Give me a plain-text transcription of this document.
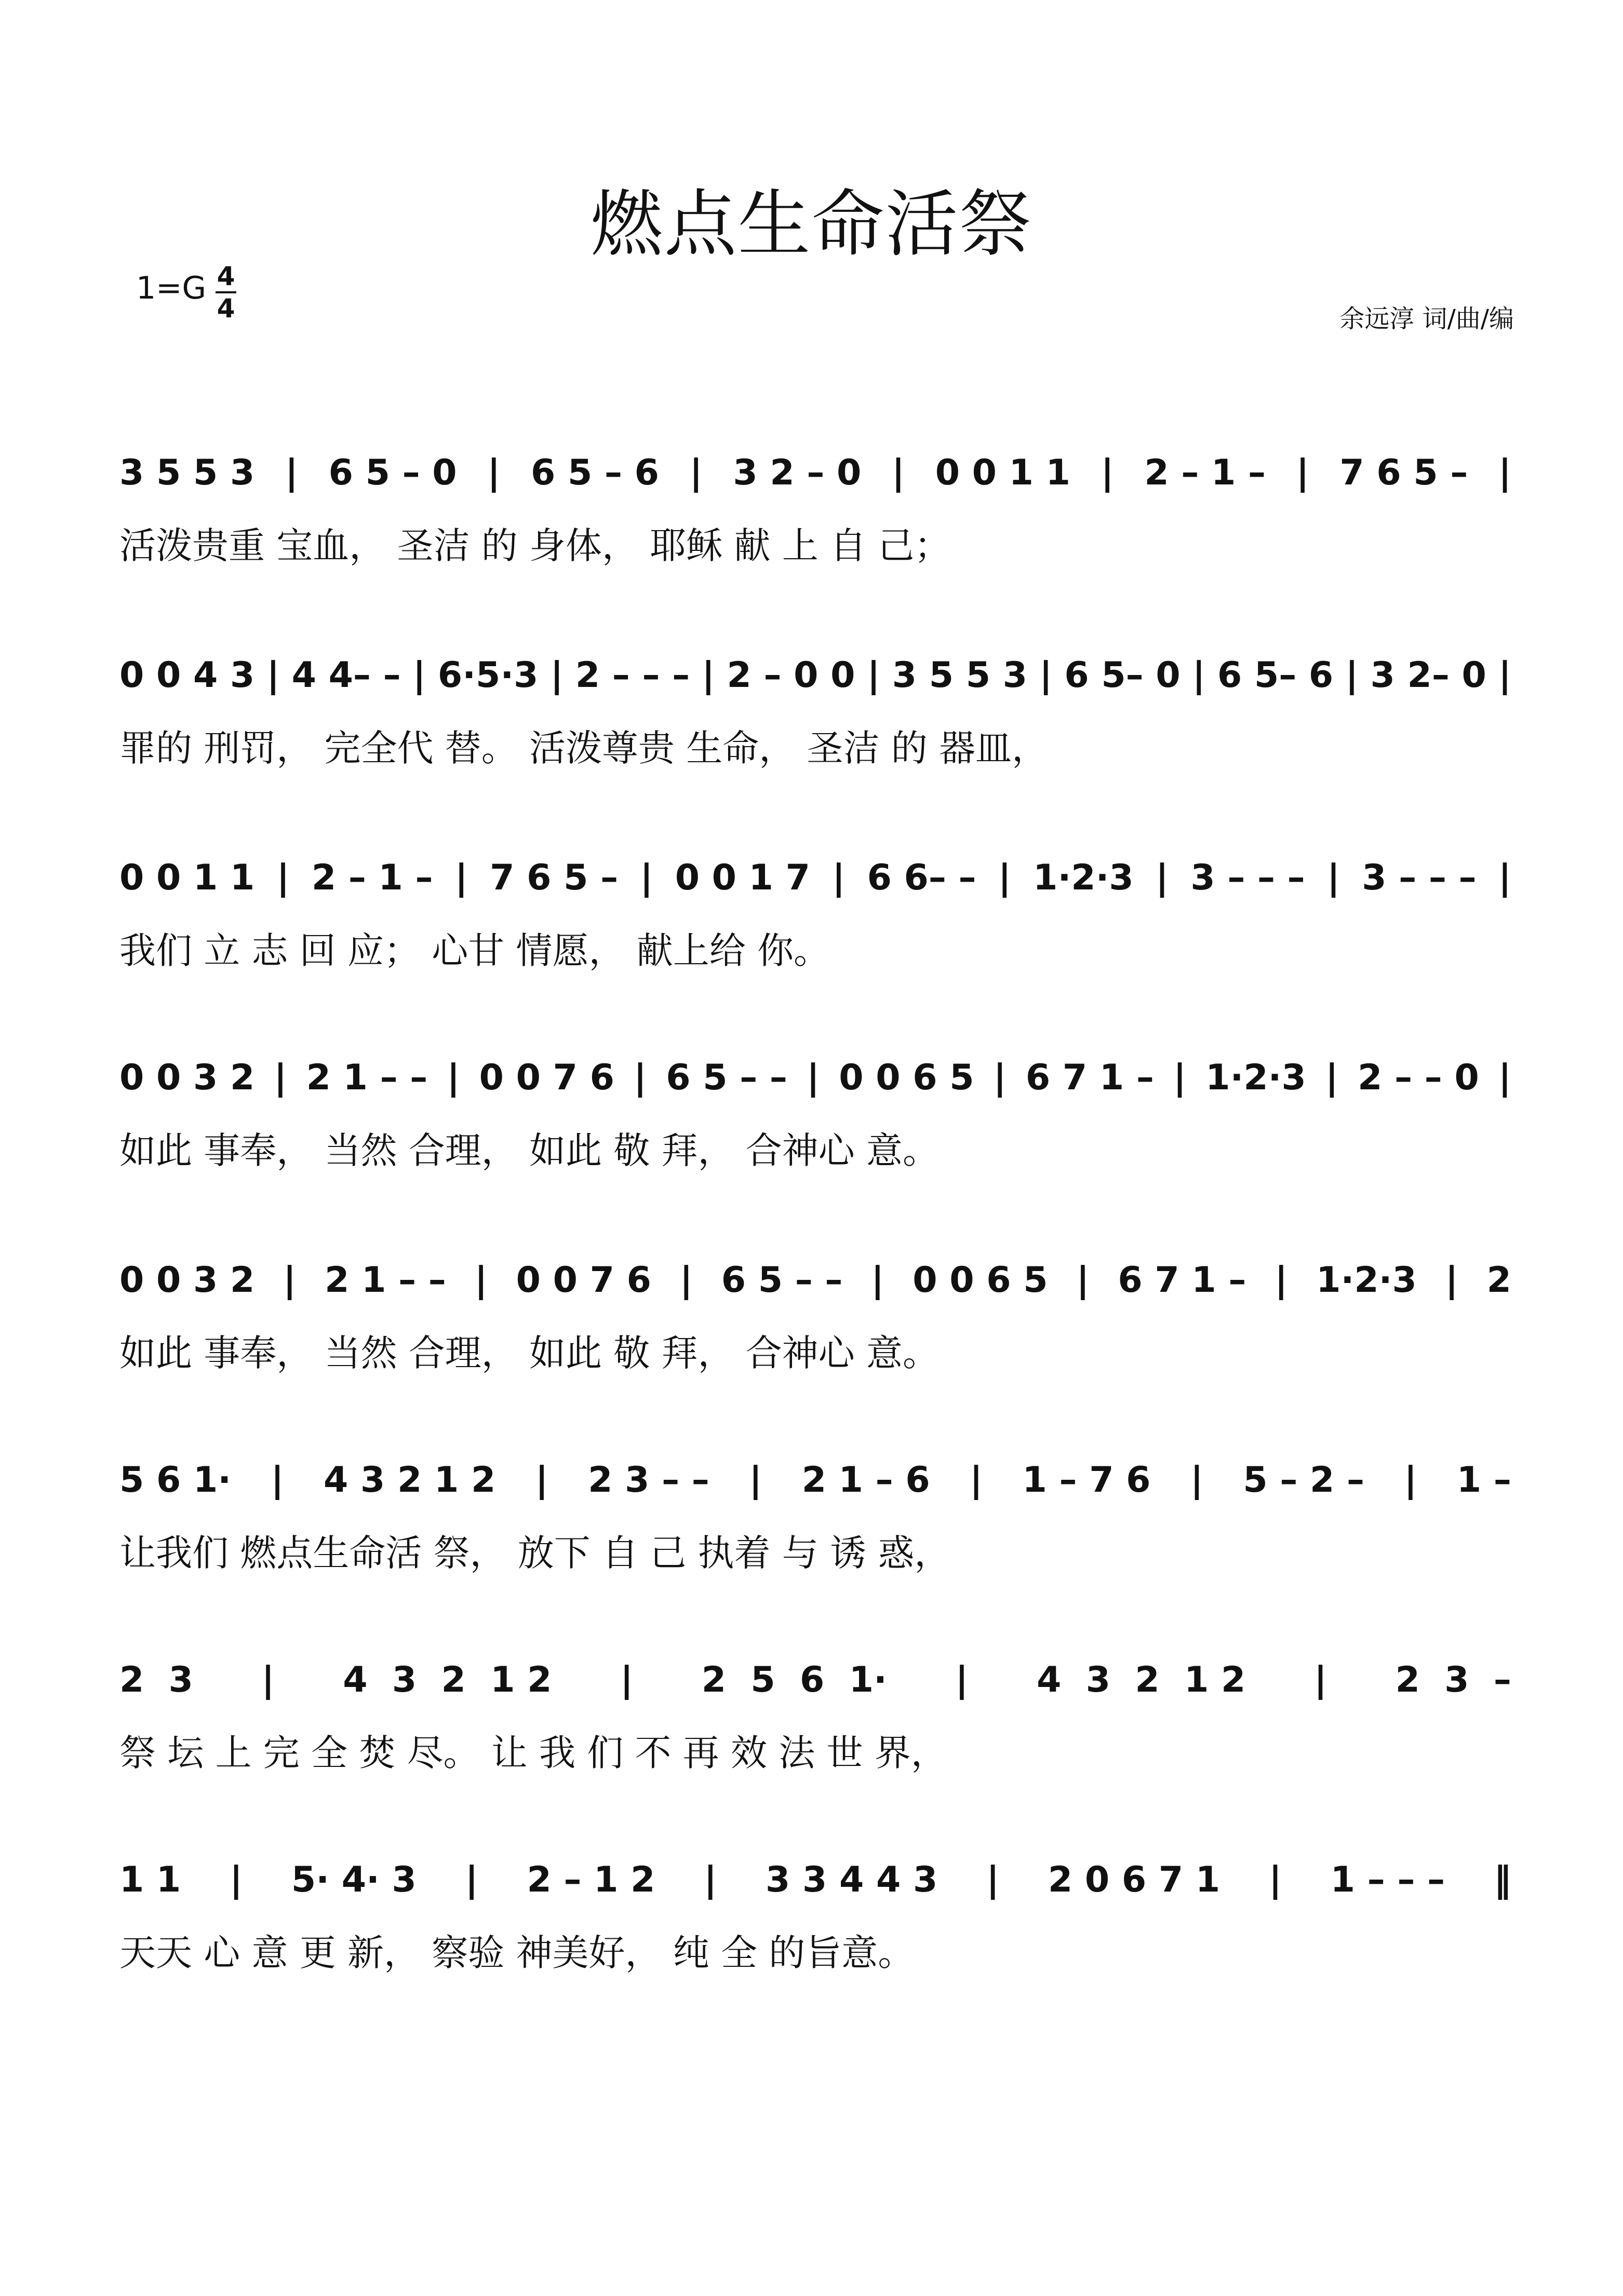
燃点生命活祭
1=G 4
4	余远淳 词/曲/编
3 5 5 3 | 6 5 – 0 | 6 5 – 6 | 3 2 – 0 | 0 0 1 1 | 2 – 1 – | 7 6 5 – |
活泼贵重 宝血， 圣洁 的 身体， 耶稣 献 上 自 己；
0 0 4 3 | 4 4– – | 6·5·3 | 2 – – – | 2 – 0 0 | 3 5 5 3 | 6 5– 0 | 6 5– 6 | 3 2– 0 |
罪的 刑罚， 完全代 替。 活泼尊贵 生命， 圣洁 的 器皿，
0 0 1 1 | 2 – 1 – | 7 6 5 – | 0 0 1 7 | 6 6– – | 1·2·3 | 3 – – – | 3 – – – |
我们 立 志 回 应； 心甘 情愿， 献上给 你。
0 0 3 2 | 2 1 – – | 0 0 7 6 | 6 5 – – | 0 0 6 5 | 6 7 1 – | 1·2·3 | 2 – – 0 |
如此 事奉， 当然 合理， 如此 敬 拜， 合神心 意。
0 0 3 2 | 2 1 – – | 0 0 7 6 | 6 5 – – | 0 0 6 5 | 6 7 1 – | 1·2·3 | 2
如此 事奉， 当然 合理， 如此 敬 拜， 合神心 意。
5 6 1· | 4 3 2 1 2 | 2 3 – – | 2 1 – 6 | 1 – 7 6 | 5 – 2 – | 1 –
让我们 燃点生命活 祭， 放下 自 己 执着 与 诱 惑，
2  3 | 4  3  2  1 2 | 2  5  6  1· | 4  3  2  1 2 | 2  3  –
祭 坛 上 完 全 焚 尽。 让 我 们 不 再 效 法 世 界，
1 1 | 5· 4· 3 | 2 – 1 2 | 3 3 4 4 3 | 2 0 6 7 1 | 1 – – – ‖
天天 心 意 更 新， 察验 神美好， 纯 全 的旨意。
